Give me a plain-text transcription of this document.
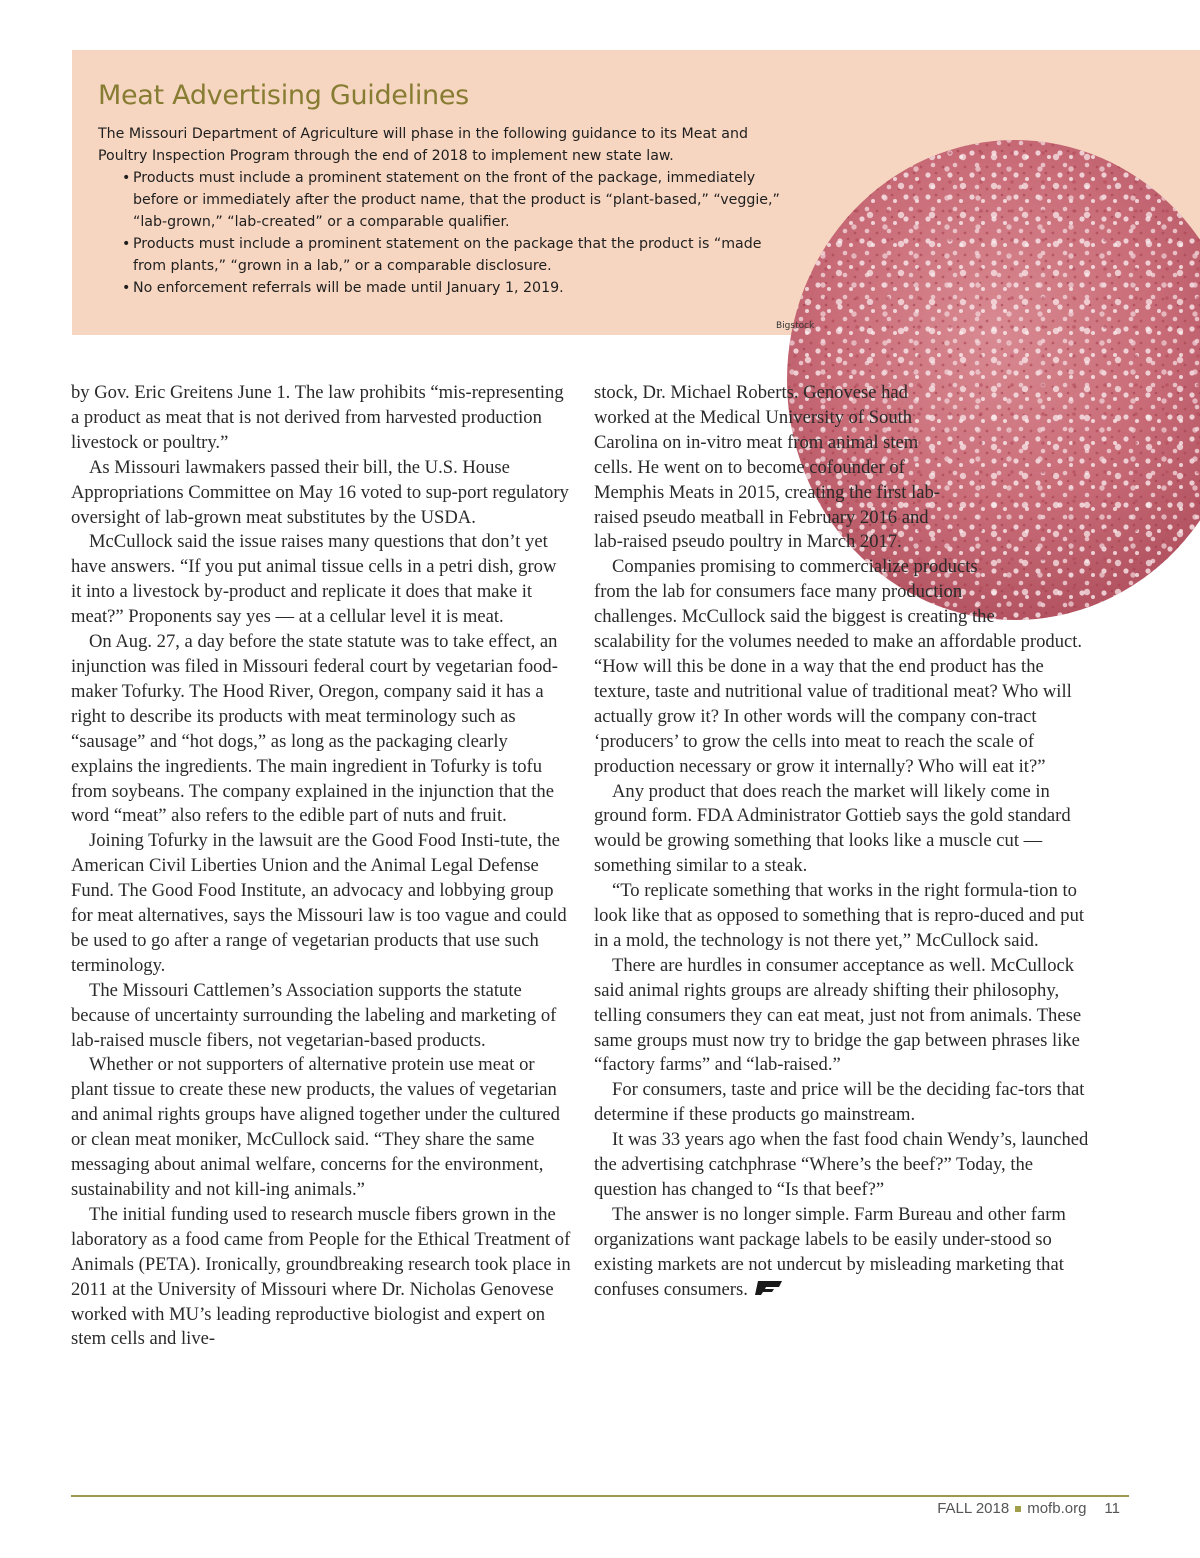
Meat Advertising Guidelines

The Missouri Department of Agriculture will phase in the following guidance to its Meat and Poultry Inspection Program through the end of 2018 to implement new state law.

• Products must include a prominent statement on the front of the package, immediately before or immediately after the product name, that the product is “plant-based,” “veggie,” “lab-grown,” “lab-created” or a comparable qualifier.
• Products must include a prominent statement on the package that the product is “made from plants,” “grown in a lab,” or a comparable disclosure.
• No enforcement referrals will be made until January 1, 2019.
Bigstock

by Gov. Eric Greitens June 1. The law prohibits “mis-representing a product as meat that is not derived from harvested production livestock or poultry.”

As Missouri lawmakers passed their bill, the U.S. House Appropriations Committee on May 16 voted to sup-port regulatory oversight of lab-grown meat substitutes by the USDA.

McCullock said the issue raises many questions that don’t yet have answers. “If you put animal tissue cells in a petri dish, grow it into a livestock by-product and replicate it does that make it meat?” Proponents say yes — at a cellular level it is meat.

On Aug. 27, a day before the state statute was to take effect, an injunction was filed in Missouri federal court by vegetarian food-maker Tofurky. The Hood River, Oregon, company said it has a right to describe its products with meat terminology such as “sausage” and “hot dogs,” as long as the packaging clearly explains the ingredients. The main ingredient in Tofurky is tofu from soybeans. The company explained in the injunction that the word “meat” also refers to the edible part of nuts and fruit.

Joining Tofurky in the lawsuit are the Good Food Insti-tute, the American Civil Liberties Union and the Animal Legal Defense Fund. The Good Food Institute, an advocacy and lobbying group for meat alternatives, says the Missouri law is too vague and could be used to go after a range of vegetarian products that use such terminology.

The Missouri Cattlemen’s Association supports the statute because of uncertainty surrounding the labeling and marketing of lab-raised muscle fibers, not vegetarian-based products.

Whether or not supporters of alternative protein use meat or plant tissue to create these new products, the values of vegetarian and animal rights groups have aligned together under the cultured or clean meat moniker, McCullock said. “They share the same messaging about animal welfare, concerns for the environment, sustainability and not kill-ing animals.”

The initial funding used to research muscle fibers grown in the laboratory as a food came from People for the Ethical Treatment of Animals (PETA). Ironically, groundbreaking research took place in 2011 at the University of Missouri where Dr. Nicholas Genovese worked with MU’s leading reproductive biologist and expert on stem cells and live-

stock, Dr. Michael Roberts. Genovese had worked at the Medical University of South Carolina on in-vitro meat from animal stem cells. He went on to become cofounder of Memphis Meats in 2015, creating the first lab-raised pseudo meatball in February 2016 and lab-raised pseudo poultry in March 2017.

Companies promising to commercialize products from the lab for consumers face many production challenges. McCullock said the biggest is creating the scalability for the volumes needed to make an affordable product. “How will this be done in a way that the end product has the texture, taste and nutritional value of traditional meat? Who will actually grow it? In other words will the company con-tract ‘producers’ to grow the cells into meat to reach the scale of production necessary or grow it internally? Who will eat it?”

Any product that does reach the market will likely come in ground form. FDA Administrator Gottieb says the gold standard would be growing something that looks like a muscle cut — something similar to a steak.

“To replicate something that works in the right formula-tion to look like that as opposed to something that is repro-duced and put in a mold, the technology is not there yet,” McCullock said.

There are hurdles in consumer acceptance as well. McCullock said animal rights groups are already shifting their philosophy, telling consumers they can eat meat, just not from animals. These same groups must now try to bridge the gap between phrases like “factory farms” and “lab-raised.”

For consumers, taste and price will be the deciding fac-tors that determine if these products go mainstream.

It was 33 years ago when the fast food chain Wendy’s, launched the advertising catchphrase “Where’s the beef?” Today, the question has changed to “Is that beef?”

The answer is no longer simple. Farm Bureau and other farm organizations want package labels to be easily under-stood so existing markets are not undercut by misleading marketing that confuses consumers.

FALL 2018 mofb.org 11
